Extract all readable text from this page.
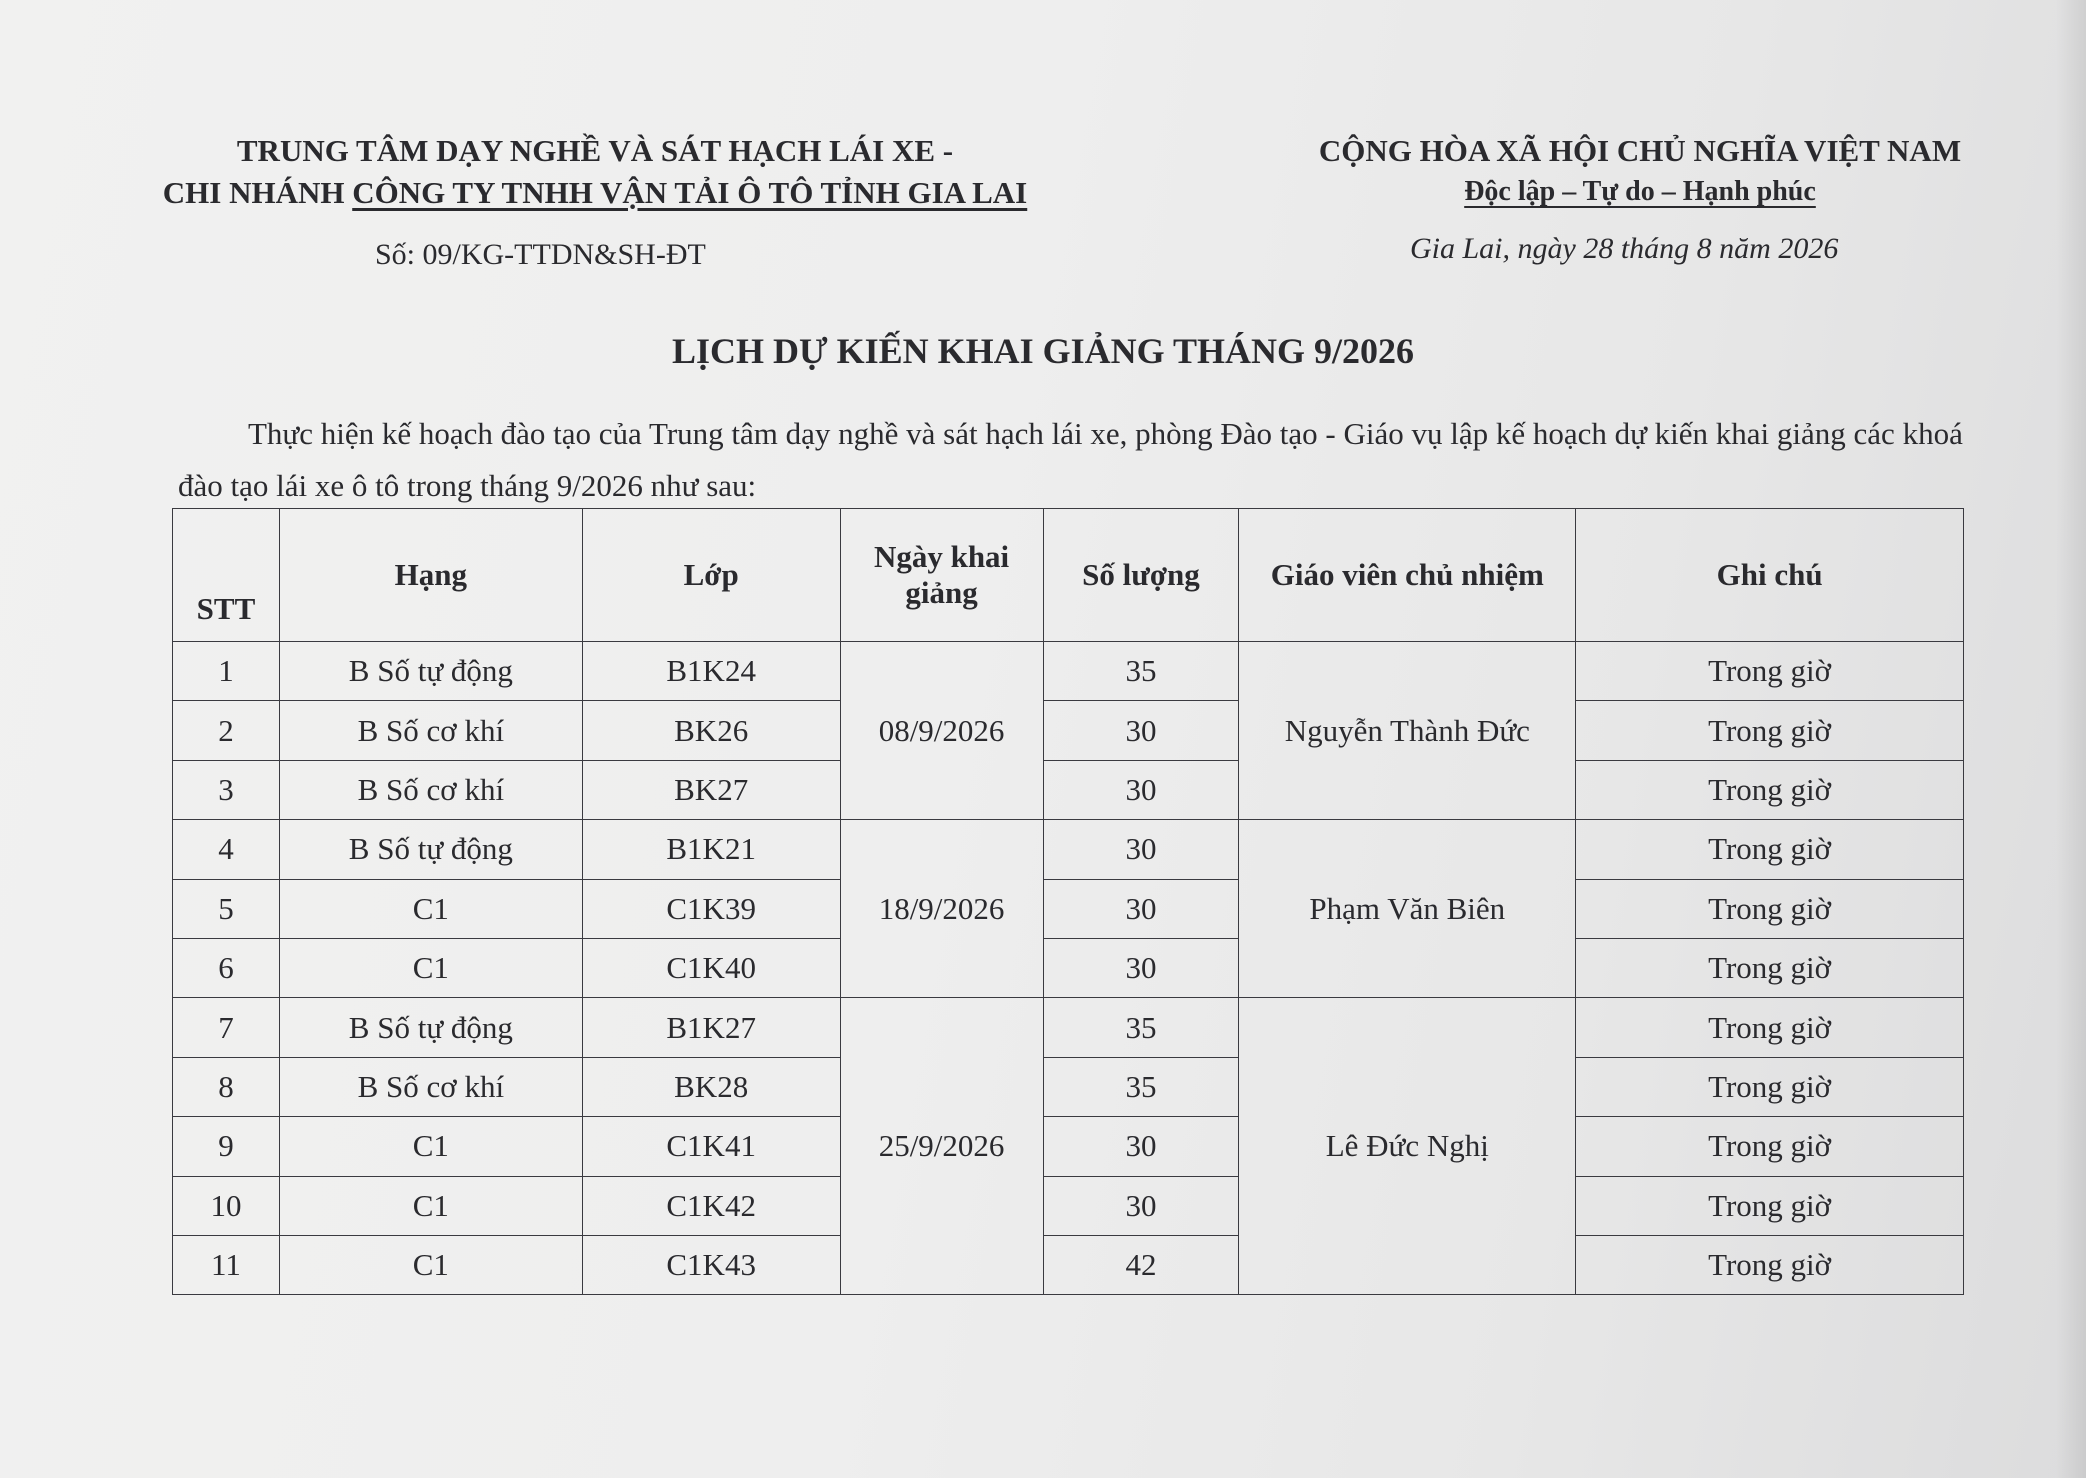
TRUNG TÂM DẠY NGHỀ VÀ SÁT HẠCH LÁI XE -
CHI NHÁNH CÔNG TY TNHH VẬN TẢI Ô TÔ TỈNH GIA LAI
CỘNG HÒA XÃ HỘI CHỦ NGHĨA VIỆT NAM
Độc lập – Tự do – Hạnh phúc
Số: 09/KG-TTDN&SH-ĐT	Gia Lai, ngày 28 tháng 8 năm 2026
LỊCH DỰ KIẾN KHAI GIẢNG THÁNG 9/2026
Thực hiện kế hoạch đào tạo của Trung tâm dạy nghề và sát hạch lái xe, phòng Đào tạo - Giáo vụ lập kế hoạch dự kiến khai giảng các khoá đào tạo lái xe ô tô trong tháng 9/2026 như sau:
STT	Hạng	Lớp	Ngày khai giảng	Số lượng	Giáo viên chủ nhiệm	Ghi chú
1	B Số tự động	B1K24	08/9/2026	35	Nguyễn Thành Đức	Trong giờ
2	B Số cơ khí	BK26		30		Trong giờ
3	B Số cơ khí	BK27		30		Trong giờ
4	B Số tự động	B1K21	18/9/2026	30	Phạm Văn Biên	Trong giờ
5	C1	C1K39		30		Trong giờ
6	C1	C1K40		30		Trong giờ
7	B Số tự động	B1K27	25/9/2026	35	Lê Đức Nghị	Trong giờ
8	B Số cơ khí	BK28		35		Trong giờ
9	C1	C1K41		30		Trong giờ
10	C1	C1K42		30		Trong giờ
11	C1	C1K43		42		Trong giờ
